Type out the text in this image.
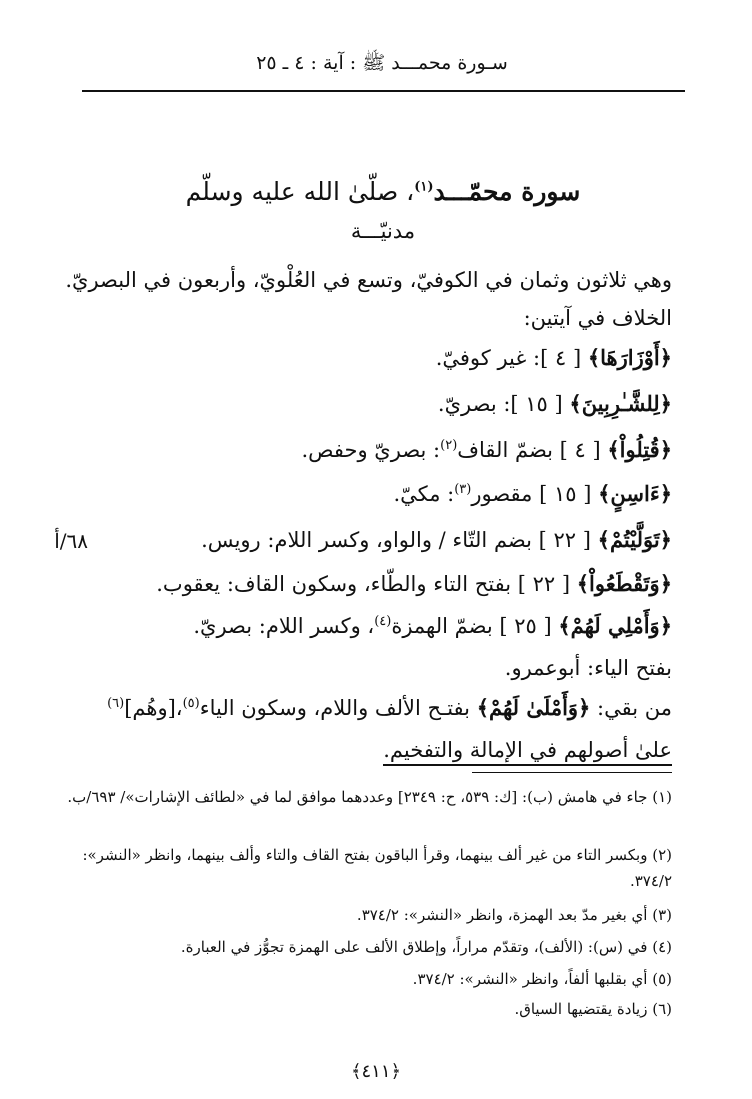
سـورة محمـــد ﷺ : آية : ٤ ـ ٢٥
سورة محمّـــد$^{(١)}$، صلّىٰ الله عليه وسلّم
مدنيّـــة
وهي ثلاثون وثمان في الكوفيّ، وتسع في العُلْويّ، وأربعون في البصريّ.
الخلاف في آيتين:
﴿أَوْزَارَهَا﴾ [ ٤ ]: غير كوفيّ.
﴿لِلشَّـٰرِبِينَ﴾ [ ١٥ ]: بصريّ.
﴿قُتِلُواْ﴾ [ ٤ ] بضمّ القاف$^{(٢)}$: بصريّ وحفص.
﴿ءَاسِنٍ﴾ [ ١٥ ] مقصور$^{(٣)}$: مكيّ.
﴿تَوَلَّيْتُمْ﴾ [ ٢٢ ] بضم التّاء / والواو، وكسر اللام: رويس.
﴿وَتَقْطَعُواْ﴾ [ ٢٢ ] بفتح التاء والطّاء، وسكون القاف: يعقوب.
﴿وَأَمْلِي لَهُمْ﴾ [ ٢٥ ] بضمّ الهمزة$^{(٤)}$، وكسر اللام: بصريّ.
بفتح الياء: أبوعمرو.
من بقي: ﴿وَأَمْلَىٰ لَهُمْ﴾ بفتـح الألف واللام، وسكون الياء$^{(٥)}$،[وهُم]$^{(٦)}$
علىٰ أصولهم في الإمالة والتفخيم.
٦٨/أ
(١) جاء في هامش (ب): [ك: ٥٣٩، ح: ٢٣٤٩] وعددهما موافق لما في «لطائف الإشارات»/ ٦٩٣/ب.
(٢) وبكسر التاء من غير ألف بينهما، وقرأ الباقون بفتح القاف والتاء وألف بينهما، وانظر «النشر»: ٣٧٤/٢.
(٣) أي بغير مدّ بعد الهمزة، وانظر «النشر»: ٣٧٤/٢.
(٤) في (س): (الألف)، وتقدّم مراراً، وإطلاق الألف على الهمزة تجوُّز في العبارة.
(٥) أي بقلبها ألفاً، وانظر «النشر»: ٣٧٤/٢.
(٦) زيادة يقتضيها السياق.
﴿٤١١﴾
